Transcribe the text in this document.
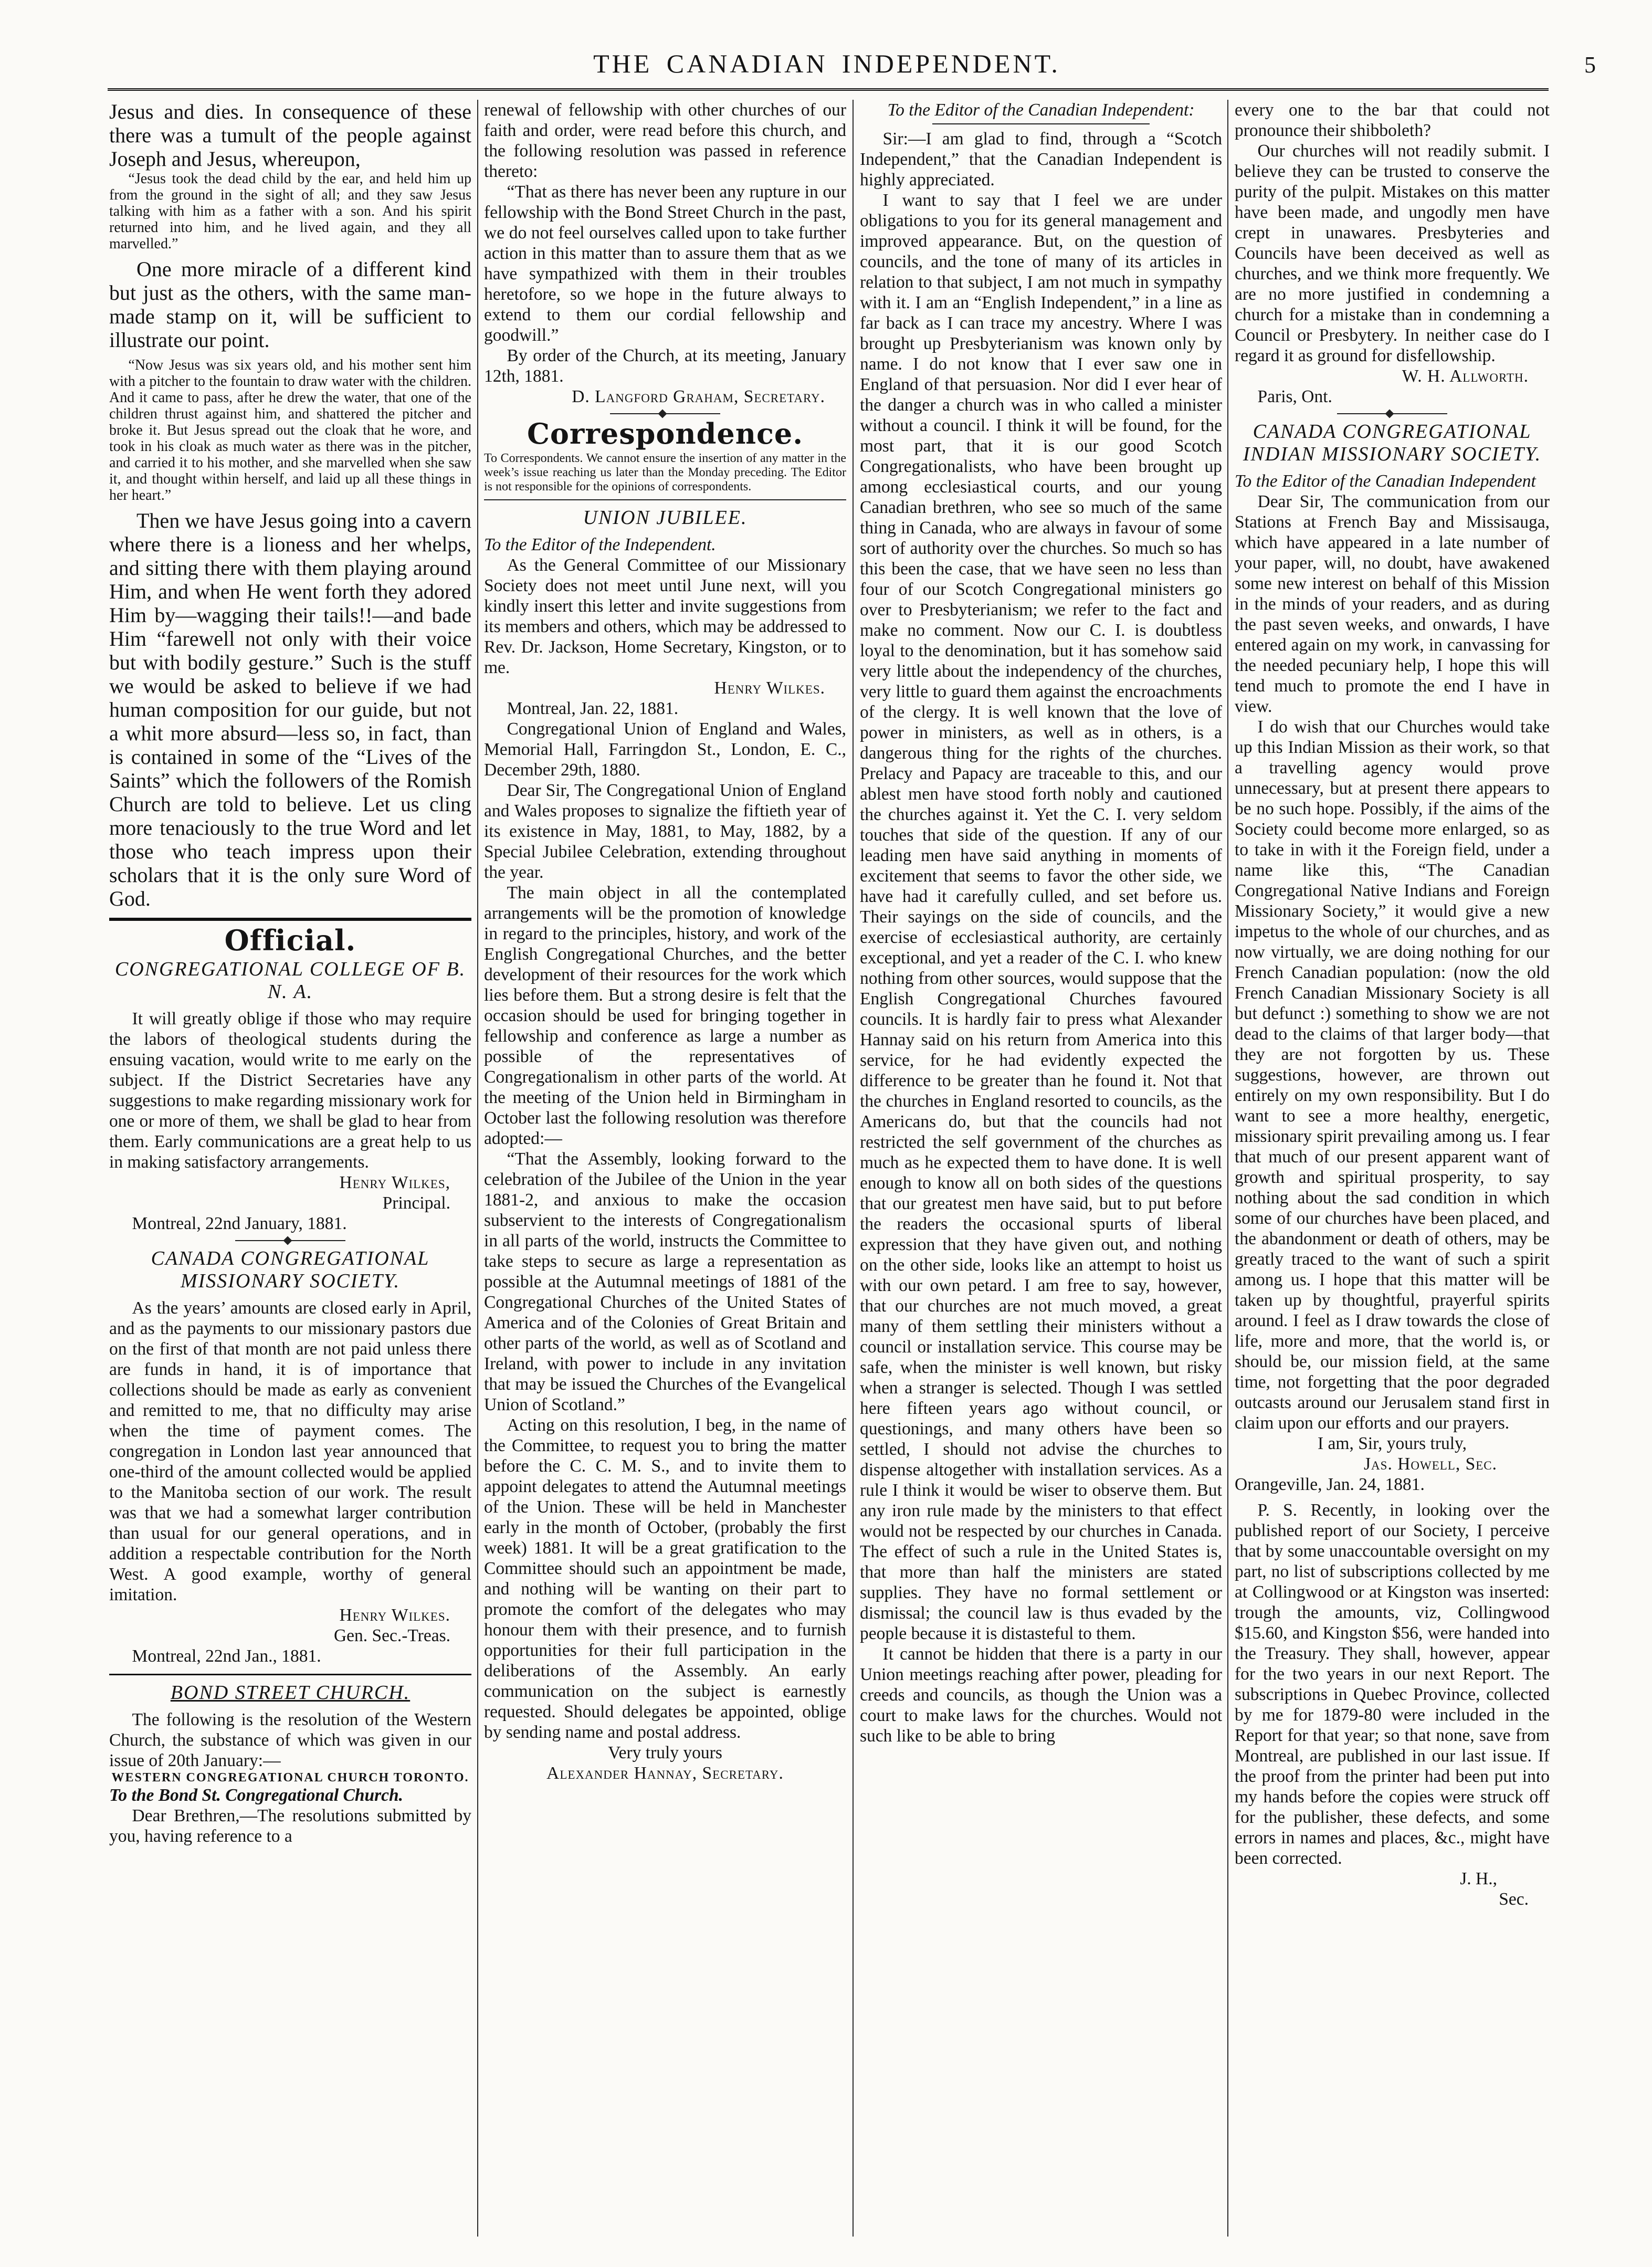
THE CANADIAN INDEPENDENT.	5

Jesus and dies. In consequence of these there was a tumult of the people against Joseph and Jesus, whereupon,

“Jesus took the dead child by the ear, and held him up from the ground in the sight of all; and they saw Jesus talking with him as a father with a son. And his spirit returned into him, and he lived again, and they all marvelled.”

One more miracle of a different kind but just as the others, with the same man-made stamp on it, will be sufficient to illustrate our point.

“Now Jesus was six years old, and his mother sent him with a pitcher to the fountain to draw water with the children. And it came to pass, after he drew the water, that one of the children thrust against him, and shattered the pitcher and broke it. But Jesus spread out the cloak that he wore, and took in his cloak as much water as there was in the pitcher, and carried it to his mother, and she marvelled when she saw it, and thought within herself, and laid up all these things in her heart.”

Then we have Jesus going into a cavern where there is a lioness and her whelps, and sitting there with them playing around Him, and when He went forth they adored Him by—wagging their tails!!—and bade Him “farewell not only with their voice but with bodily gesture.” Such is the stuff we would be asked to believe if we had human composition for our guide, but not a whit more absurd—less so, in fact, than is contained in some of the “Lives of the Saints” which the followers of the Romish Church are told to believe. Let us cling more tenaciously to the true Word and let those who teach impress upon their scholars that it is the only sure Word of God.

Official.
CONGREGATIONAL COLLEGE OF B. N. A.

It will greatly oblige if those who may require the labors of theological students during the ensuing vacation, would write to me early on the subject. If the District Secretaries have any suggestions to make regarding missionary work for one or more of them, we shall be glad to hear from them. Early communications are a great help to us in making satisfactory arrangements.

Henry Wilkes,

Principal.

Montreal, 22nd January, 1881.

CANADA CONGREGATIONAL MISSIONARY SOCIETY.

As the years’ amounts are closed early in April, and as the payments to our missionary pastors due on the first of that month are not paid unless there are funds in hand, it is of importance that collections should be made as early as convenient and remitted to me, that no difficulty may arise when the time of payment comes. The congregation in London last year announced that one-third of the amount collected would be applied to the Manitoba section of our work. The result was that we had a somewhat larger contribution than usual for our general operations, and in addition a respectable contribution for the North West. A good example, worthy of general imitation.

Henry Wilkes.

Gen. Sec.-Treas.

Montreal, 22nd Jan., 1881.

BOND STREET CHURCH.

The following is the resolution of the Western Church, the substance of which was given in our issue of 20th January:—

WESTERN CONGREGATIONAL CHURCH TORONTO.

To the Bond St. Congregational Church.

Dear Brethren,—The resolutions submitted by you, having reference to a

renewal of fellowship with other churches of our faith and order, were read before this church, and the following resolution was passed in reference thereto:

“That as there has never been any rupture in our fellowship with the Bond Street Church in the past, we do not feel ourselves called upon to take further action in this matter than to assure them that as we have sympathized with them in their troubles heretofore, so we hope in the future always to extend to them our cordial fellowship and goodwill.”

By order of the Church, at its meeting, January 12th, 1881.

D. Langford Graham, Secretary.

Correspondence.

To Correspondents. We cannot ensure the insertion of any matter in the week’s issue reaching us later than the Monday preceding. The Editor is not responsible for the opinions of correspondents.

UNION JUBILEE.

To the Editor of the Independent.

As the General Committee of our Missionary Society does not meet until June next, will you kindly insert this letter and invite suggestions from its members and others, which may be addressed to Rev. Dr. Jackson, Home Secretary, Kingston, or to me.

Henry Wilkes.

Montreal, Jan. 22, 1881.

Congregational Union of England and Wales, Memorial Hall, Farringdon St., London, E. C., December 29th, 1880.

Dear Sir, The Congregational Union of England and Wales proposes to signalize the fiftieth year of its existence in May, 1881, to May, 1882, by a Special Jubilee Celebration, extending throughout the year.

The main object in all the contemplated arrangements will be the promotion of knowledge in regard to the principles, history, and work of the English Congregational Churches, and the better development of their resources for the work which lies before them. But a strong desire is felt that the occasion should be used for bringing together in fellowship and conference as large a number as possible of the representatives of Congregationalism in other parts of the world. At the meeting of the Union held in Birmingham in October last the following resolution was therefore adopted:—

“That the Assembly, looking forward to the celebration of the Jubilee of the Union in the year 1881-2, and anxious to make the occasion subservient to the interests of Congregationalism in all parts of the world, instructs the Committee to take steps to secure as large a representation as possible at the Autumnal meetings of 1881 of the Congregational Churches of the United States of America and of the Colonies of Great Britain and other parts of the world, as well as of Scotland and Ireland, with power to include in any invitation that may be issued the Churches of the Evangelical Union of Scotland.”

Acting on this resolution, I beg, in the name of the Committee, to request you to bring the matter before the C. C. M. S., and to invite them to appoint delegates to attend the Autumnal meetings of the Union. These will be held in Manchester early in the month of October, (probably the first week) 1881. It will be a great gratification to the Committee should such an appointment be made, and nothing will be wanting on their part to promote the comfort of the delegates who may honour them with their presence, and to furnish opportunities for their full participation in the deliberations of the Assembly. An early communication on the subject is earnestly requested. Should delegates be appointed, oblige by sending name and postal address.

Very truly yours

Alexander Hannay, Secretary.

To the Editor of the Canadian Independent:

Sir:—I am glad to find, through a “Scotch Independent,” that the Canadian Independent is highly appreciated.

I want to say that I feel we are under obligations to you for its general management and improved appearance. But, on the question of councils, and the tone of many of its articles in relation to that subject, I am not much in sympathy with it. I am an “English Independent,” in a line as far back as I can trace my ancestry. Where I was brought up Presbyterianism was known only by name. I do not know that I ever saw one in England of that persuasion. Nor did I ever hear of the danger a church was in who called a minister without a council. I think it will be found, for the most part, that it is our good Scotch Congregationalists, who have been brought up among ecclesiastical courts, and our young Canadian brethren, who see so much of the same thing in Canada, who are always in favour of some sort of authority over the churches. So much so has this been the case, that we have seen no less than four of our Scotch Congregational ministers go over to Presbyterianism; we refer to the fact and make no comment. Now our C. I. is doubtless loyal to the denomination, but it has somehow said very little about the independency of the churches, very little to guard them against the encroachments of the clergy. It is well known that the love of power in ministers, as well as in others, is a dangerous thing for the rights of the churches. Prelacy and Papacy are traceable to this, and our ablest men have stood forth nobly and cautioned the churches against it. Yet the C. I. very seldom touches that side of the question. If any of our leading men have said anything in moments of excitement that seems to favor the other side, we have had it carefully culled, and set before us. Their sayings on the side of councils, and the exercise of ecclesiastical authority, are certainly exceptional, and yet a reader of the C. I. who knew nothing from other sources, would suppose that the English Congregational Churches favoured councils. It is hardly fair to press what Alexander Hannay said on his return from America into this service, for he had evidently expected the difference to be greater than he found it. Not that the churches in England resorted to councils, as the Americans do, but that the councils had not restricted the self government of the churches as much as he expected them to have done. It is well enough to know all on both sides of the questions that our greatest men have said, but to put before the readers the occasional spurts of liberal expression that they have given out, and nothing on the other side, looks like an attempt to hoist us with our own petard. I am free to say, however, that our churches are not much moved, a great many of them settling their ministers without a council or installation service. This course may be safe, when the minister is well known, but risky when a stranger is selected. Though I was settled here fifteen years ago without council, or questionings, and many others have been so settled, I should not advise the churches to dispense altogether with installation services. As a rule I think it would be wiser to observe them. But any iron rule made by the ministers to that effect would not be respected by our churches in Canada. The effect of such a rule in the United States is, that more than half the ministers are stated supplies. They have no formal settlement or dismissal; the council law is thus evaded by the people because it is distasteful to them.

It cannot be hidden that there is a party in our Union meetings reaching after power, pleading for creeds and councils, as though the Union was a court to make laws for the churches. Would not such like to be able to bring

every one to the bar that could not pronounce their shibboleth?

Our churches will not readily submit. I believe they can be trusted to conserve the purity of the pulpit. Mistakes on this matter have been made, and ungodly men have crept in unawares. Presbyteries and Councils have been deceived as well as churches, and we think more frequently. We are no more justified in condemning a church for a mistake than in condemning a Council or Presbytery. In neither case do I regard it as ground for disfellowship.

W. H. Allworth.

Paris, Ont.

CANADA CONGREGATIONAL INDIAN MISSIONARY SOCIETY.

To the Editor of the Canadian Independent

Dear Sir, The communication from our Stations at French Bay and Missisauga, which have appeared in a late number of your paper, will, no doubt, have awakened some new interest on behalf of this Mission in the minds of your readers, and as during the past seven weeks, and onwards, I have entered again on my work, in canvassing for the needed pecuniary help, I hope this will tend much to promote the end I have in view.

I do wish that our Churches would take up this Indian Mission as their work, so that a travelling agency would prove unnecessary, but at present there appears to be no such hope. Possibly, if the aims of the Society could become more enlarged, so as to take in with it the Foreign field, under a name like this, “The Canadian Congregational Native Indians and Foreign Missionary Society,” it would give a new impetus to the whole of our churches, and as now virtually, we are doing nothing for our French Canadian population: (now the old French Canadian Missionary Society is all but defunct :) something to show we are not dead to the claims of that larger body—that they are not forgotten by us. These suggestions, however, are thrown out entirely on my own responsibility. But I do want to see a more healthy, energetic, missionary spirit prevailing among us. I fear that much of our present apparent want of growth and spiritual prosperity, to say nothing about the sad condition in which some of our churches have been placed, and the abandonment or death of others, may be greatly traced to the want of such a spirit among us. I hope that this matter will be taken up by thoughtful, prayerful spirits around. I feel as I draw towards the close of life, more and more, that the world is, or should be, our mission field, at the same time, not forgetting that the poor degraded outcasts around our Jerusalem stand first in claim upon our efforts and our prayers.

I am, Sir, yours truly,

Jas. Howell, Sec.

Orangeville, Jan. 24, 1881.

P. S. Recently, in looking over the published report of our Society, I perceive that by some unaccountable oversight on my part, no list of subscriptions collected by me at Collingwood or at Kingston was inserted: trough the amounts, viz, Collingwood $15.60, and Kingston $56, were handed into the Treasury. They shall, however, appear for the two years in our next Report. The subscriptions in Quebec Province, collected by me for 1879-80 were included in the Report for that year; so that none, save from Montreal, are published in our last issue. If the proof from the printer had been put into my hands before the copies were struck off for the publisher, these defects, and some errors in names and places, &c., might have been corrected.

J. H.,

Sec.
